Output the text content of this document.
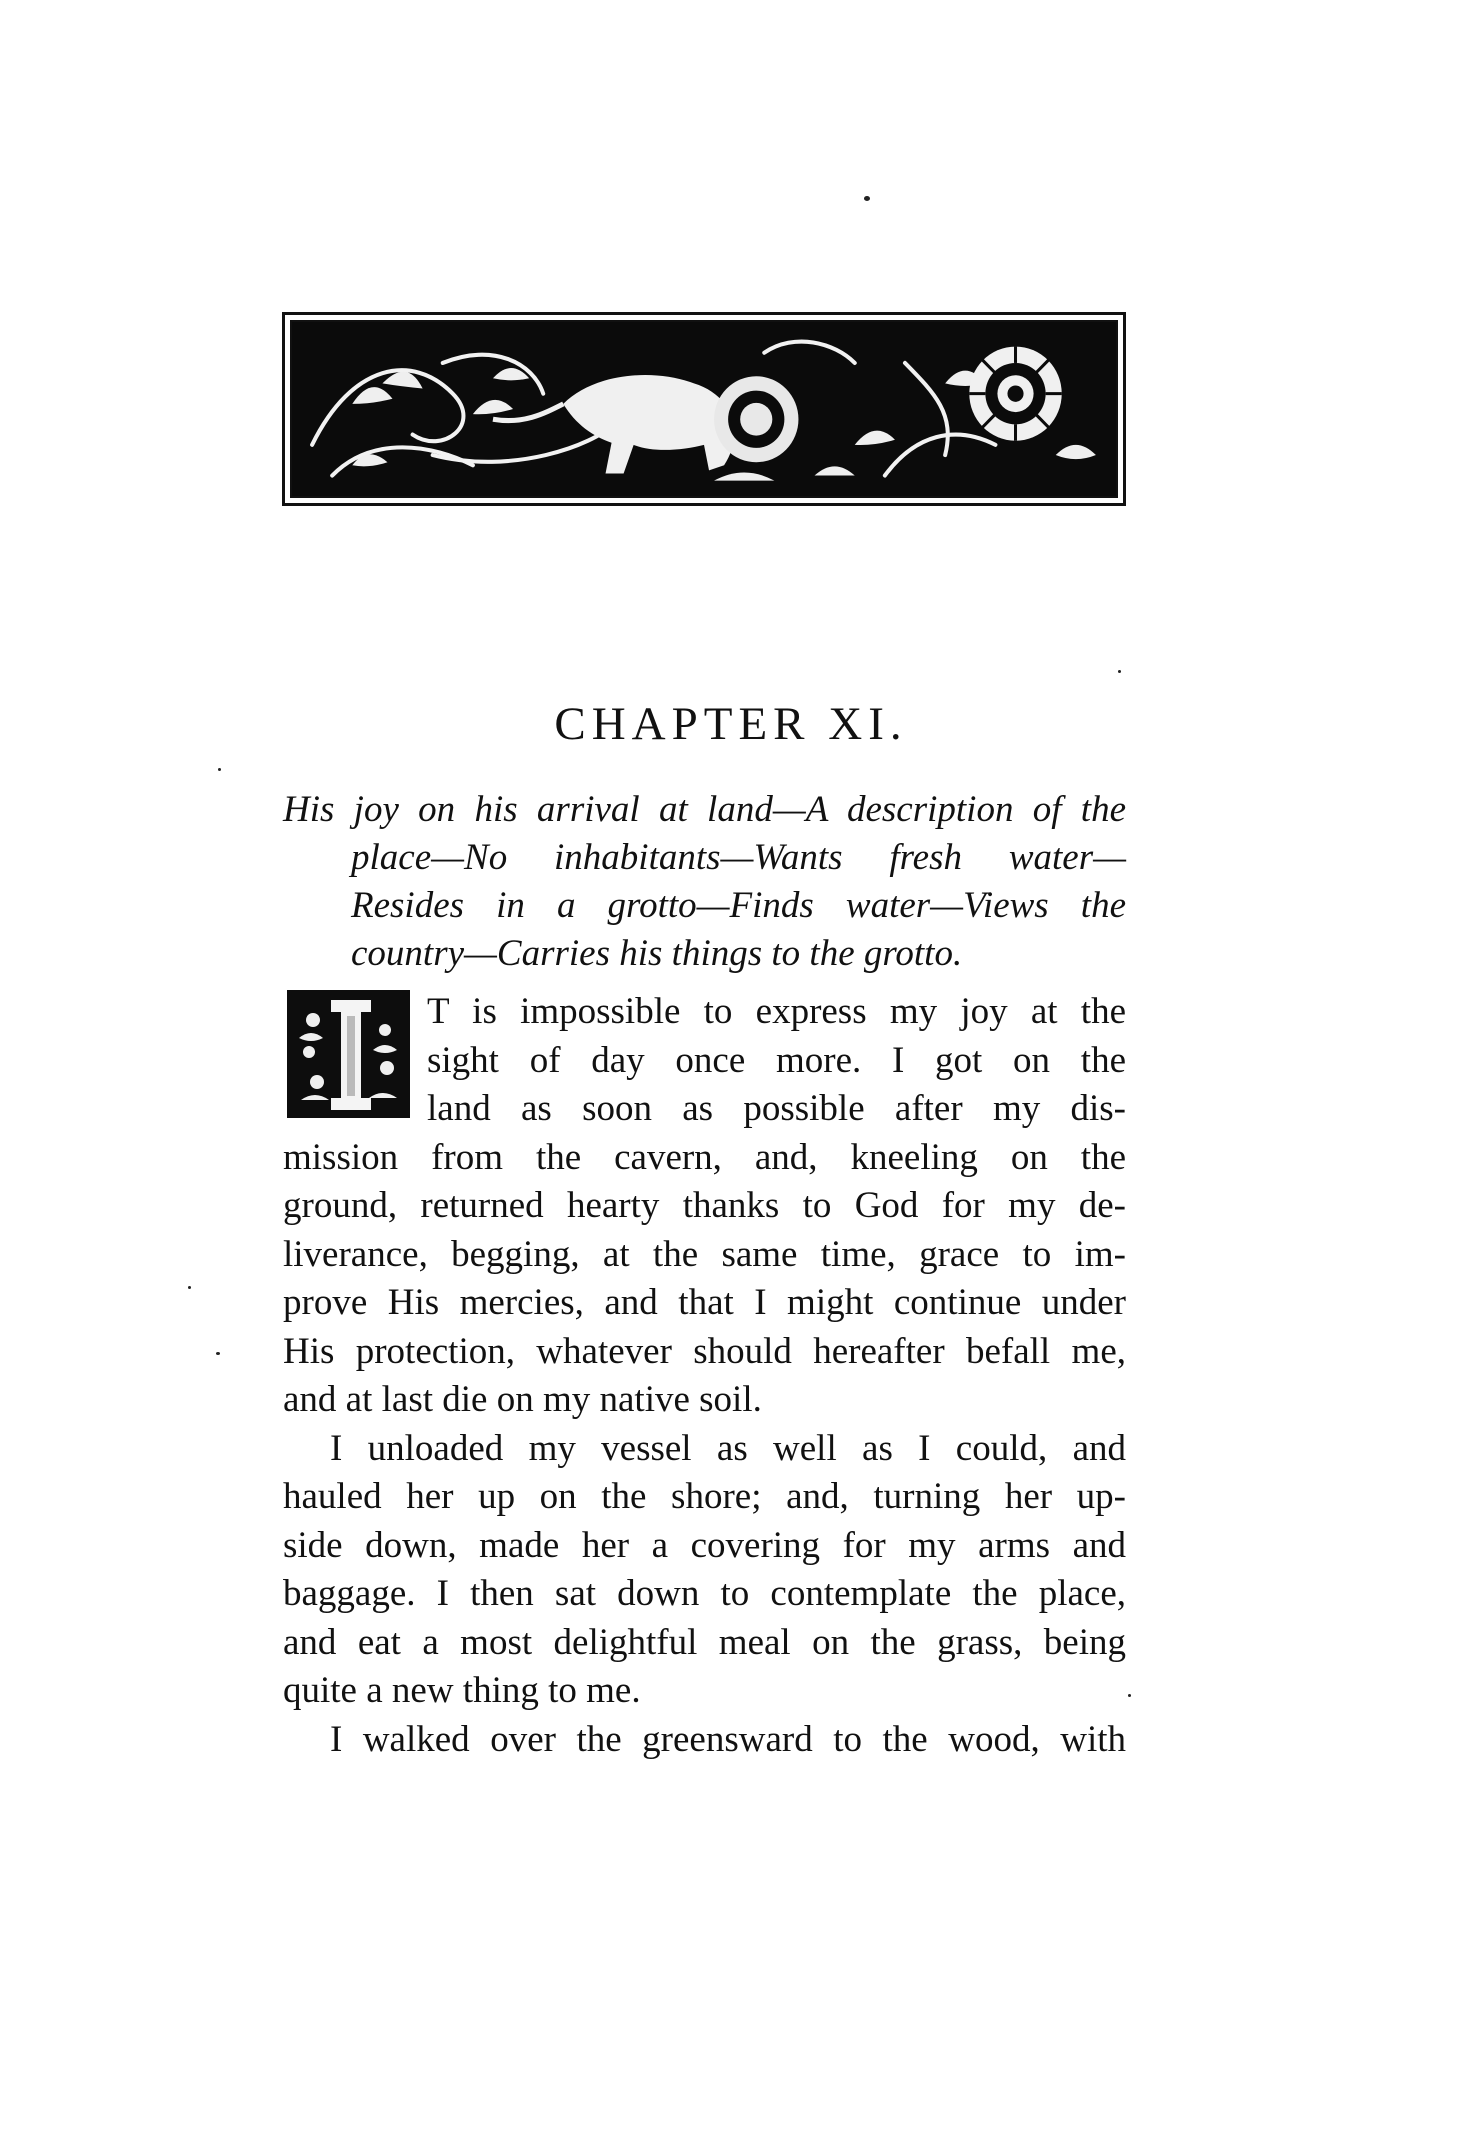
CHAPTER XI.
His joy on his arrival at land—A description of the
place—No inhabitants—Wants fresh water—
Resides in a grotto—Finds water—Views the
country—Carries his things to the grotto.
T is impossible to express my joy at the
sight of day once more. I got on the
land as soon as possible after my dis-
mission from the cavern, and, kneeling on the
ground, returned hearty thanks to God for my de-
liverance, begging, at the same time, grace to im-
prove His mercies, and that I might continue under
His protection, whatever should hereafter befall me,
and at last die on my native soil.
I unloaded my vessel as well as I could, and
hauled her up on the shore; and, turning her up-
side down, made her a covering for my arms and
baggage. I then sat down to contemplate the place,
and eat a most delightful meal on the grass, being
quite a new thing to me.
I walked over the greensward to the wood, with
